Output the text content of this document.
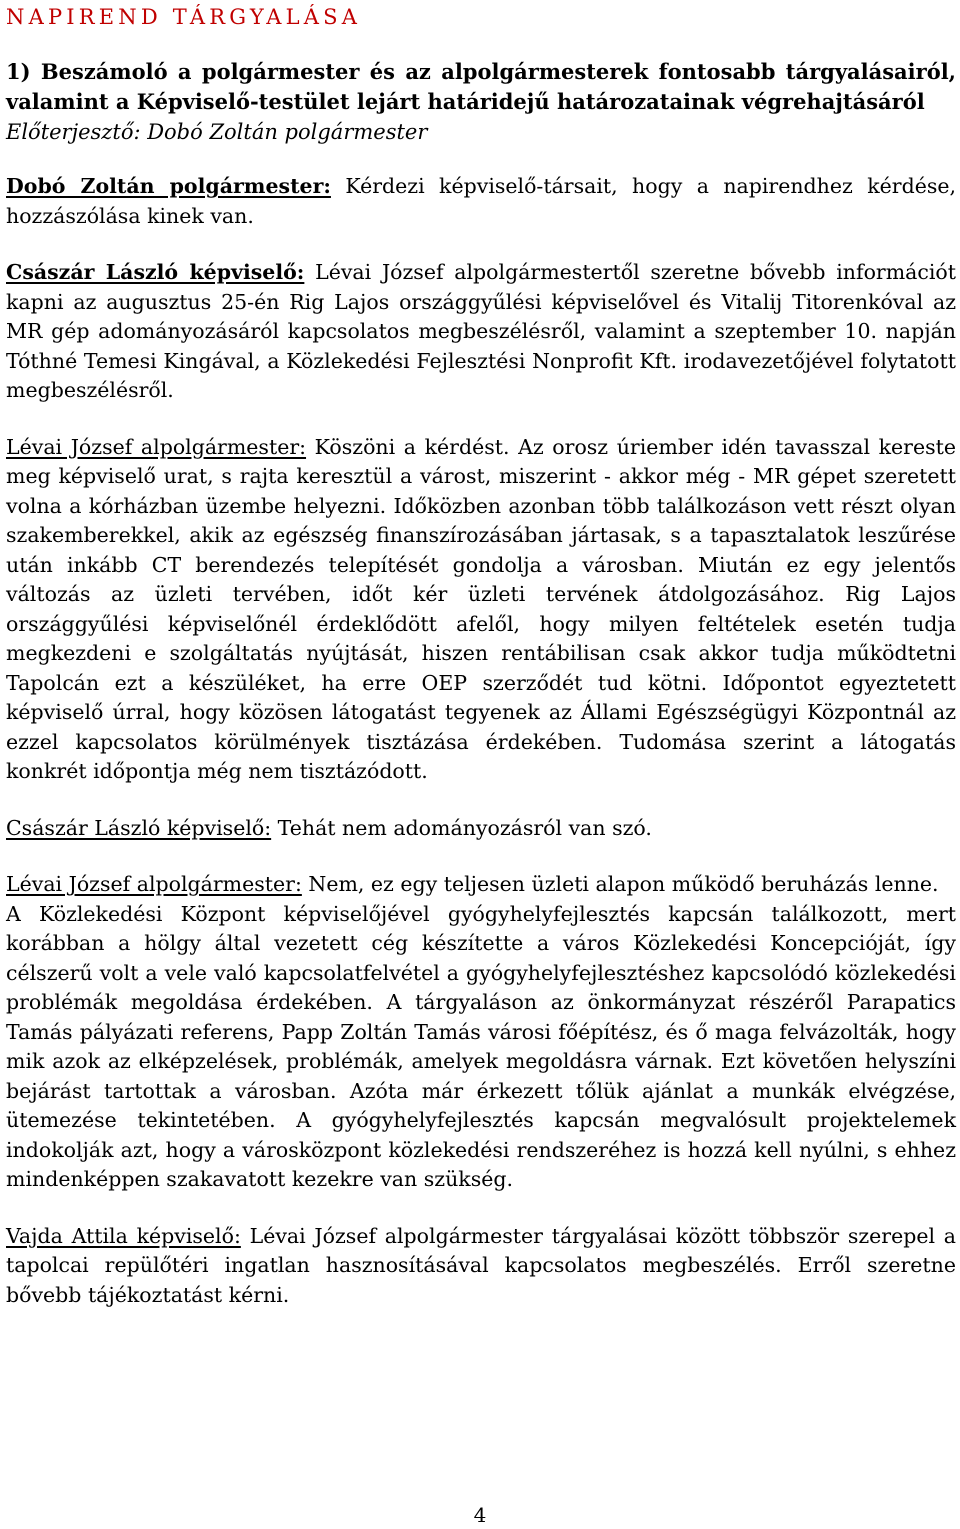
NAPIREND TÁRGYALÁSA
1) Beszámoló a polgármester és az alpolgármesterek fontosabb tárgyalásairól, valamint a Képviselő-testület lejárt határidejű határozatainak végrehajtásáról
Előterjesztő: Dobó Zoltán polgármester

Dobó Zoltán polgármester: Kérdezi képviselő-társait, hogy a napirendhez kérdése, hozzászólása kinek van.

Császár László képviselő: Lévai József alpolgármestertől szeretne bővebb információt kapni az augusztus 25-én Rig Lajos országgyűlési képviselővel és Vitalij Titorenkóval az MR gép adományozásáról kapcsolatos megbeszélésről, valamint a szeptember 10. napján Tóthné Temesi Kingával, a Közlekedési Fejlesztési Nonprofit Kft. irodavezetőjével folytatott megbeszélésről.

Lévai József alpolgármester: Köszöni a kérdést. Az orosz úriember idén tavasszal kereste meg képviselő urat, s rajta keresztül a várost, miszerint - akkor még - MR gépet szeretett volna a kórházban üzembe helyezni. Időközben azonban több találkozáson vett részt olyan szakemberekkel, akik az egészség finanszírozásában jártasak, s a tapasztalatok leszűrése után inkább CT berendezés telepítését gondolja a városban. Miután ez egy jelentős változás az üzleti tervében, időt kér üzleti tervének átdolgozásához. Rig Lajos országgyűlési képviselőnél érdeklődött afelől, hogy milyen feltételek esetén tudja megkezdeni e szolgáltatás nyújtását, hiszen rentábilisan csak akkor tudja működtetni Tapolcán ezt a készüléket, ha erre OEP szerződét tud kötni. Időpontot egyeztetett képviselő úrral, hogy közösen látogatást tegyenek az Állami Egészségügyi Központnál az ezzel kapcsolatos körülmények tisztázása érdekében. Tudomása szerint a látogatás konkrét időpontja még nem tisztázódott.

Császár László képviselő: Tehát nem adományozásról van szó.

Lévai József alpolgármester: Nem, ez egy teljesen üzleti alapon működő beruházás lenne.

A Közlekedési Központ képviselőjével gyógyhelyfejlesztés kapcsán találkozott, mert korábban a hölgy által vezetett cég készítette a város Közlekedési Koncepcióját, így célszerű volt a vele való kapcsolatfelvétel a gyógyhelyfejlesztéshez kapcsolódó közlekedési problémák megoldása érdekében. A tárgyaláson az önkormányzat részéről Parapatics Tamás pályázati referens, Papp Zoltán Tamás városi főépítész, és ő maga felvázolták, hogy mik azok az elképzelések, problémák, amelyek megoldásra várnak. Ezt követően helyszíni bejárást tartottak a városban. Azóta már érkezett tőlük ajánlat a munkák elvégzése, ütemezése tekintetében. A gyógyhelyfejlesztés kapcsán megvalósult projektelemek indokolják azt, hogy a városközpont közlekedési rendszeréhez is hozzá kell nyúlni, s ehhez mindenképpen szakavatott kezekre van szükség.

Vajda Attila képviselő: Lévai József alpolgármester tárgyalásai között többször szerepel a tapolcai repülőtéri ingatlan hasznosításával kapcsolatos megbeszélés. Erről szeretne bővebb tájékoztatást kérni.

4
